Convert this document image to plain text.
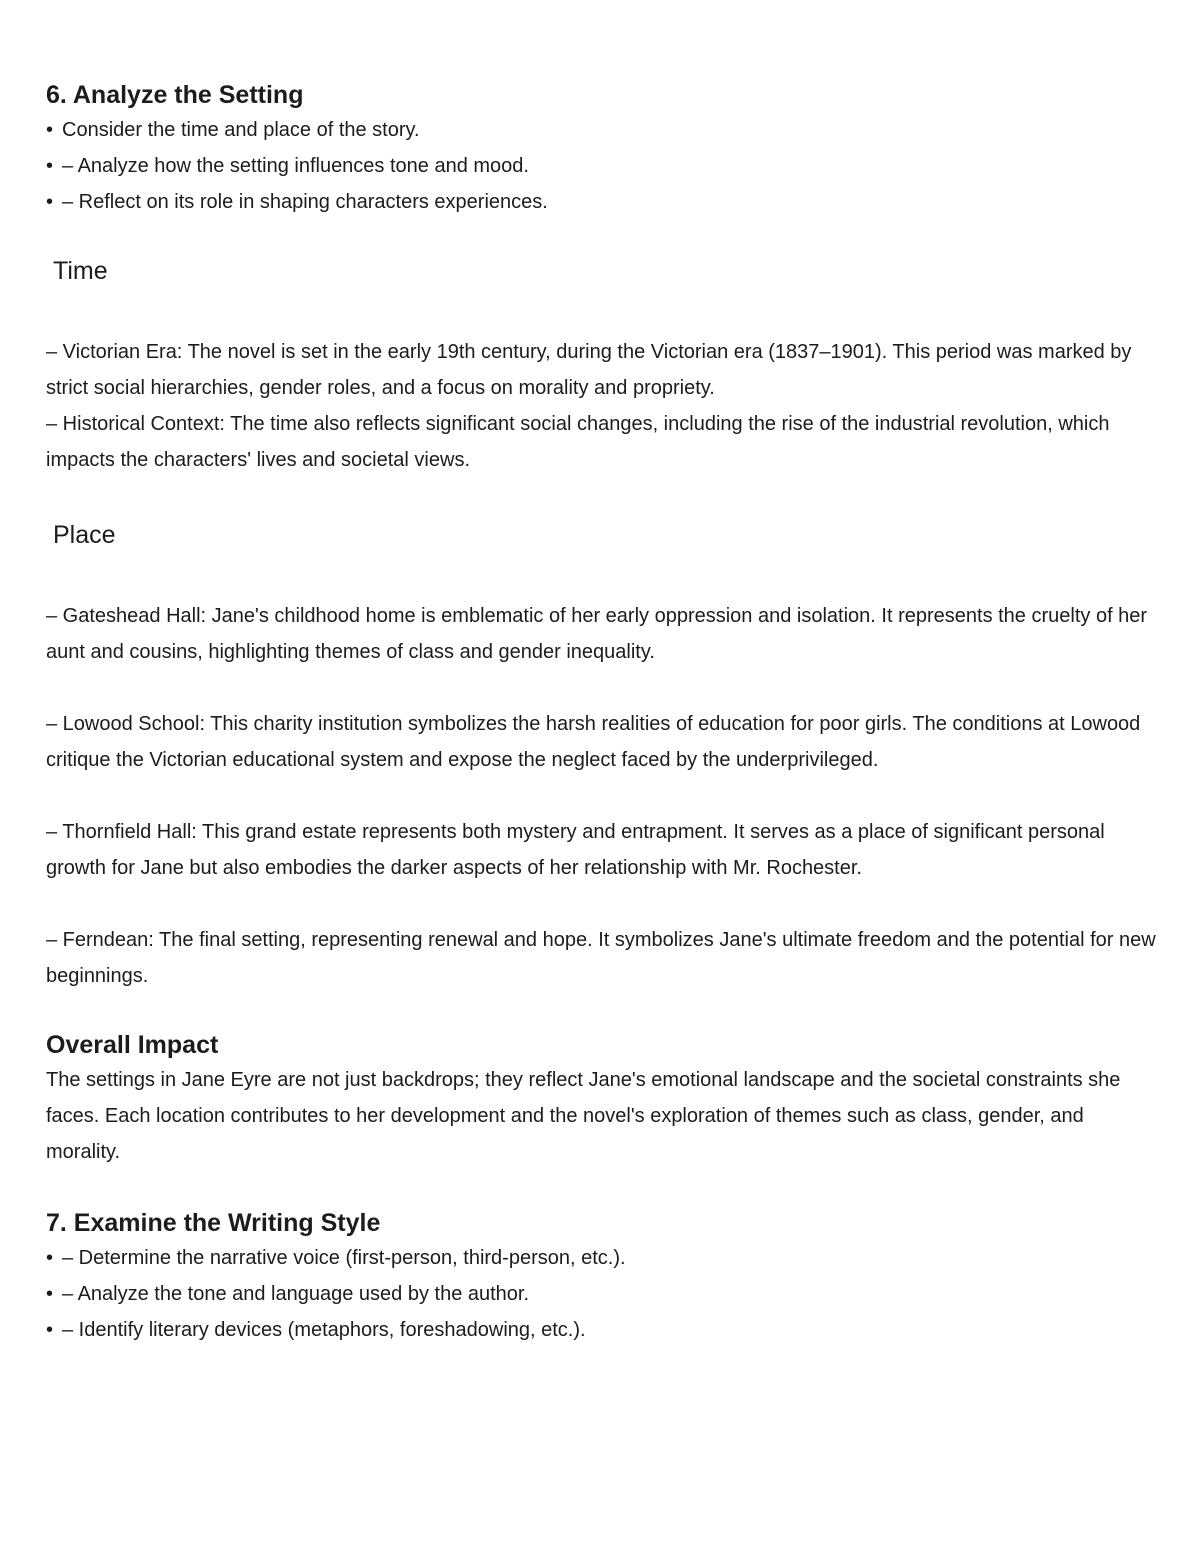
6. Analyze the Setting

• Consider the time and place of the story.

• – Analyze how the setting influences tone and mood.

• – Reflect on its role in shaping characters experiences.

Time

– Victorian Era: The novel is set in the early 19th century, during the Victorian era (1837–1901). This period was marked by strict social hierarchies, gender roles, and a focus on morality and propriety.

– Historical Context: The time also reflects significant social changes, including the rise of the industrial revolution, which impacts the characters' lives and societal views.

Place

– Gateshead Hall: Jane's childhood home is emblematic of her early oppression and isolation. It represents the cruelty of her aunt and cousins, highlighting themes of class and gender inequality.

– Lowood School: This charity institution symbolizes the harsh realities of education for poor girls. The conditions at Lowood critique the Victorian educational system and expose the neglect faced by the underprivileged.

– Thornfield Hall: This grand estate represents both mystery and entrapment. It serves as a place of significant personal growth for Jane but also embodies the darker aspects of her relationship with Mr. Rochester.

– Ferndean: The final setting, representing renewal and hope. It symbolizes Jane's ultimate freedom and the potential for new beginnings.

Overall Impact

The settings in Jane Eyre are not just backdrops; they reflect Jane's emotional landscape and the societal constraints she faces. Each location contributes to her development and the novel's exploration of themes such as class, gender, and morality.

7. Examine the Writing Style

• – Determine the narrative voice (first-person, third-person, etc.).

• – Analyze the tone and language used by the author.

• – Identify literary devices (metaphors, foreshadowing, etc.).
